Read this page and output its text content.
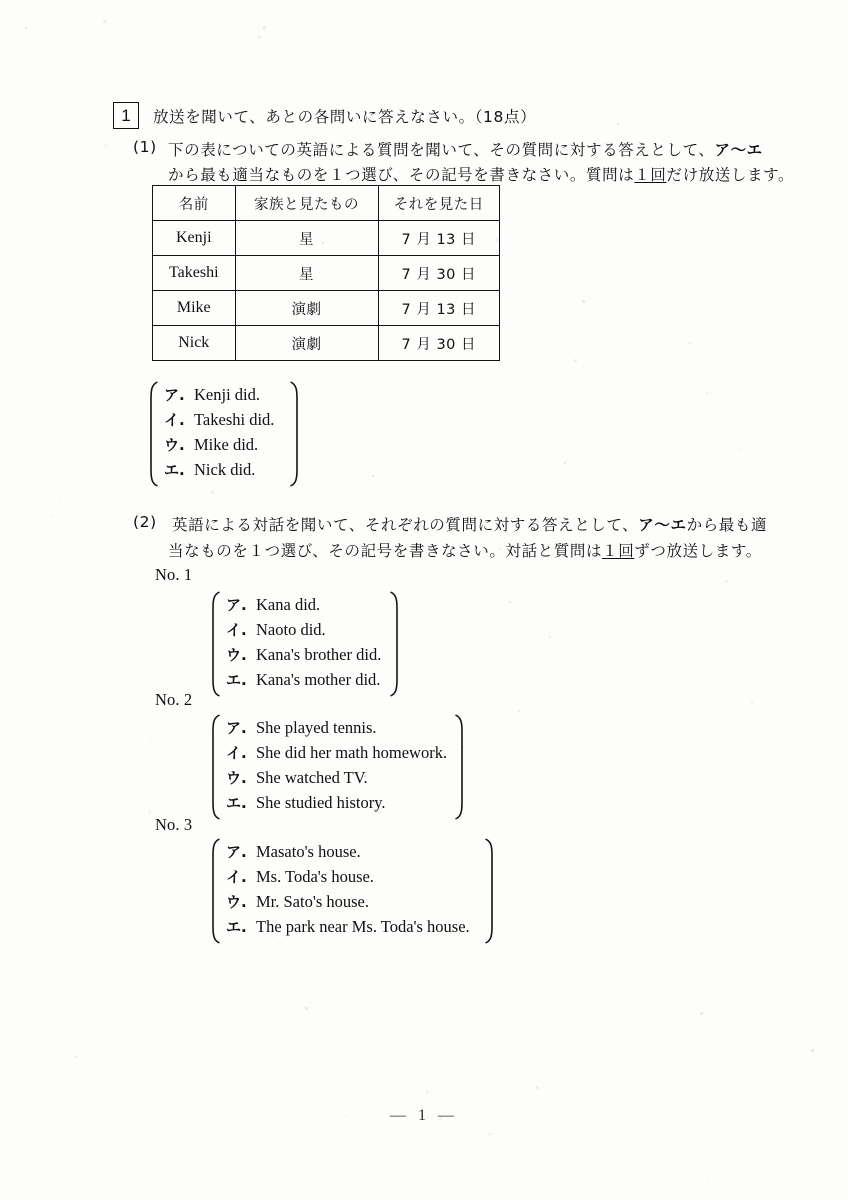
1	放送を聞いて、あとの各問いに答えなさい。（18点）
(1) 下の表についての英語による質問を聞いて、その質問に対する答えとして、ア～エ
から最も適当なものを１つ選び、その記号を書きなさい。質問は１回だけ放送します。
名前	家族と見たもの	それを見た日
Kenji	星	7 月 13 日
Takeshi	星	7 月 30 日
Mike	演劇	7 月 13 日
Nick	演劇	7 月 30 日
ア. Kenji did.
イ. Takeshi did.
ウ. Mike did.
エ. Nick did.
(2) 英語による対話を聞いて、それぞれの質問に対する答えとして、ア～エから最も適
当なものを１つ選び、その記号を書きなさい。対話と質問は１回ずつ放送します。
No. 1
ア. Kana did.
イ. Naoto did.
ウ. Kana's brother did.
エ. Kana's mother did.
No. 2
ア. She played tennis.
イ. She did her math homework.
ウ. She watched TV.
エ. She studied history.
No. 3
ア. Masato's house.
イ. Ms. Toda's house.
ウ. Mr. Sato's house.
エ. The park near Ms. Toda's house.
— 1 —
